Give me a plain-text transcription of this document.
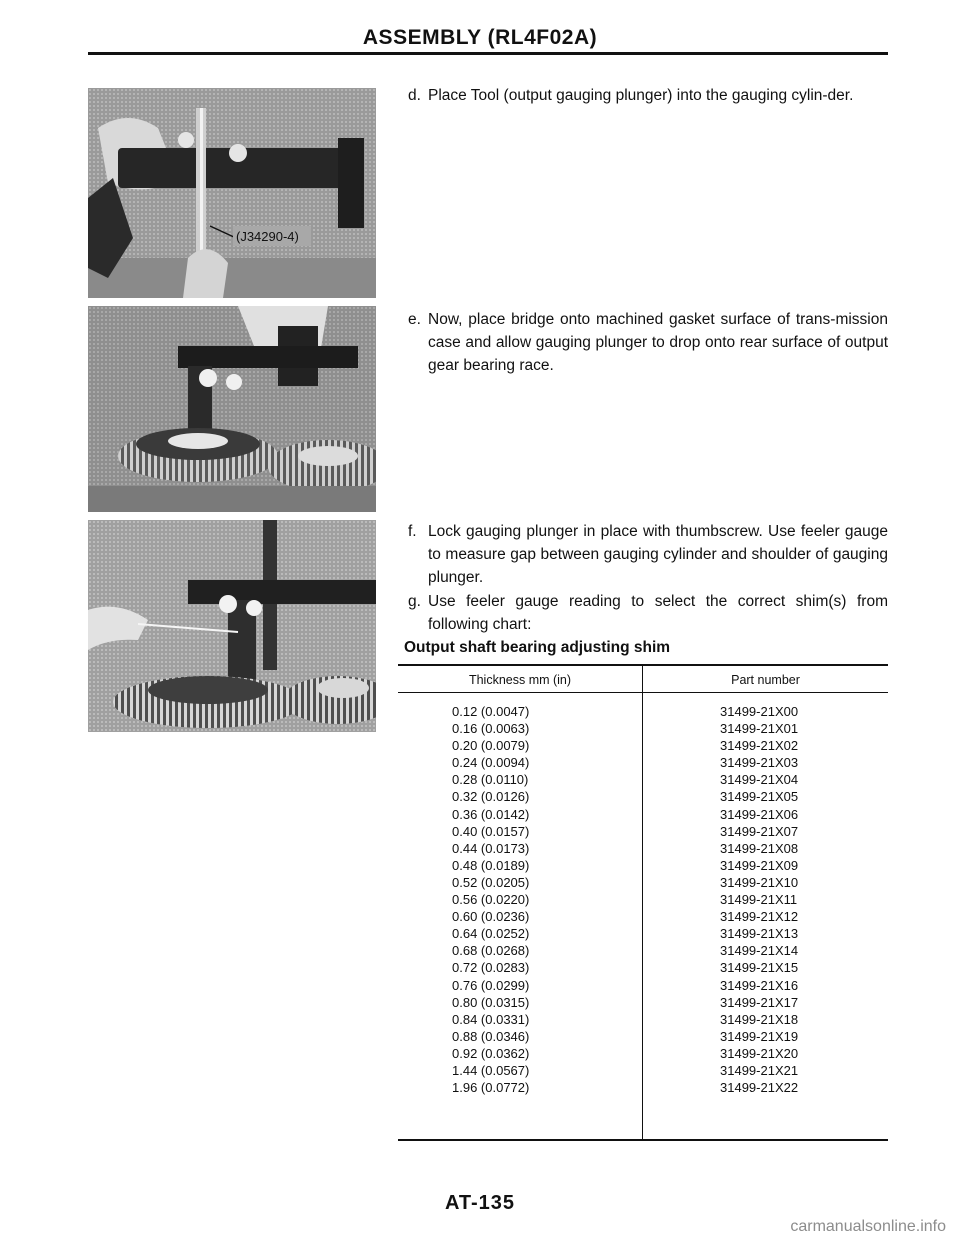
ASSEMBLY (RL4F02A)
(J34290-4)
d. Place Tool (output gauging plunger) into the gauging cylin-der.
e. Now, place bridge onto machined gasket surface of trans-mission case and allow gauging plunger to drop onto rear surface of output gear bearing race.
f. Lock gauging plunger in place with thumbscrew. Use feeler gauge to measure gap between gauging cylinder and shoulder of gauging plunger.
g. Use feeler gauge reading to select the correct shim(s) from following chart:
Output shaft bearing adjusting shim
Thickness mm (in)	Part number
0.12 (0.0047)	31499-21X00
0.16 (0.0063)	31499-21X01
0.20 (0.0079)	31499-21X02
0.24 (0.0094)	31499-21X03
0.28 (0.0110)	31499-21X04
0.32 (0.0126)	31499-21X05
0.36 (0.0142)	31499-21X06
0.40 (0.0157)	31499-21X07
0.44 (0.0173)	31499-21X08
0.48 (0.0189)	31499-21X09
0.52 (0.0205)	31499-21X10
0.56 (0.0220)	31499-21X11
0.60 (0.0236)	31499-21X12
0.64 (0.0252)	31499-21X13
0.68 (0.0268)	31499-21X14
0.72 (0.0283)	31499-21X15
0.76 (0.0299)	31499-21X16
0.80 (0.0315)	31499-21X17
0.84 (0.0331)	31499-21X18
0.88 (0.0346)	31499-21X19
0.92 (0.0362)	31499-21X20
1.44 (0.0567)	31499-21X21
1.96 (0.0772)	31499-21X22
AT-135
carmanualsonline.info
